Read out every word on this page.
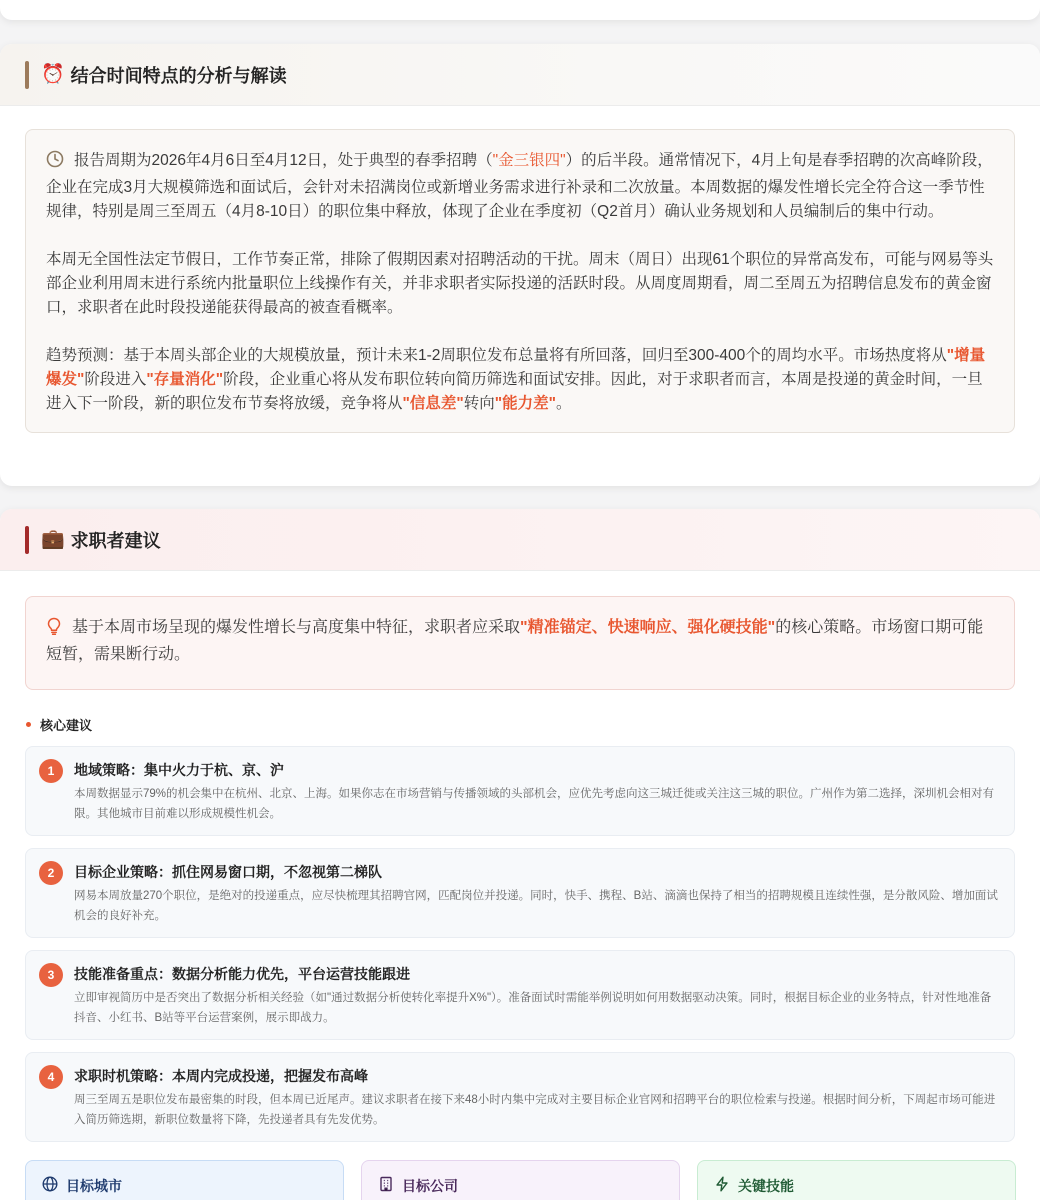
⏰ 结合时间特点的分析与解读

报告周期为2026年4月6日至4月12日，处于典型的春季招聘（"金三银四"）的后半段。通常情况下，4月上旬是春季招聘的次高峰阶段，企业在完成3月大规模筛选和面试后，会针对未招满岗位或新增业务需求进行补录和二次放量。本周数据的爆发性增长完全符合这一季节性规律，特别是周三至周五（4月8-10日）的职位集中释放，体现了企业在季度初（Q2首月）确认业务规划和人员编制后的集中行动。

本周无全国性法定节假日，工作节奏正常，排除了假期因素对招聘活动的干扰。周末（周日）出现61个职位的异常高发布，可能与网易等头部企业利用周末进行系统内批量职位上线操作有关，并非求职者实际投递的活跃时段。从周度周期看，周二至周五为招聘信息发布的黄金窗口，求职者在此时段投递能获得最高的被查看概率。

趋势预测：基于本周头部企业的大规模放量，预计未来1-2周职位发布总量将有所回落，回归至300-400个的周均水平。市场热度将从"增量爆发"阶段进入"存量消化"阶段，企业重心将从发布职位转向简历筛选和面试安排。因此，对于求职者而言，本周是投递的黄金时间，一旦进入下一阶段，新的职位发布节奏将放缓，竞争将从"信息差"转向"能力差"。

💼 求职者建议
基于本周市场呈现的爆发性增长与高度集中特征，求职者应采取"精准锚定、快速响应、强化硬技能"的核心策略。市场窗口期可能短暂，需果断行动。
核心建议
1	地域策略：集中火力于杭、京、沪
本周数据显示79%的机会集中在杭州、北京、上海。如果你志在市场营销与传播领域的头部机会，应优先考虑向这三城迁徙或关注这三城的职位。广州作为第二选择，深圳机会相对有限。其他城市目前难以形成规模性机会。
2	目标企业策略：抓住网易窗口期，不忽视第二梯队
网易本周放量270个职位，是绝对的投递重点，应尽快梳理其招聘官网，匹配岗位并投递。同时，快手、携程、B站、滴滴也保持了相当的招聘规模且连续性强，是分散风险、增加面试机会的良好补充。
3	技能准备重点：数据分析能力优先，平台运营技能跟进
立即审视简历中是否突出了数据分析相关经验（如"通过数据分析使转化率提升X%"）。准备面试时需能举例说明如何用数据驱动决策。同时，根据目标企业的业务特点，针对性地准备抖音、小红书、B站等平台运营案例，展示即战力。
4	求职时机策略：本周内完成投递，把握发布高峰
周三至周五是职位发布最密集的时段，但本周已近尾声。建议求职者在接下来48小时内集中完成对主要目标企业官网和招聘平台的职位检索与投递。根据时间分析，下周起市场可能进入简历筛选期，新职位数量将下降，先投递者具有先发优势。
目标城市	目标公司	关键技能
